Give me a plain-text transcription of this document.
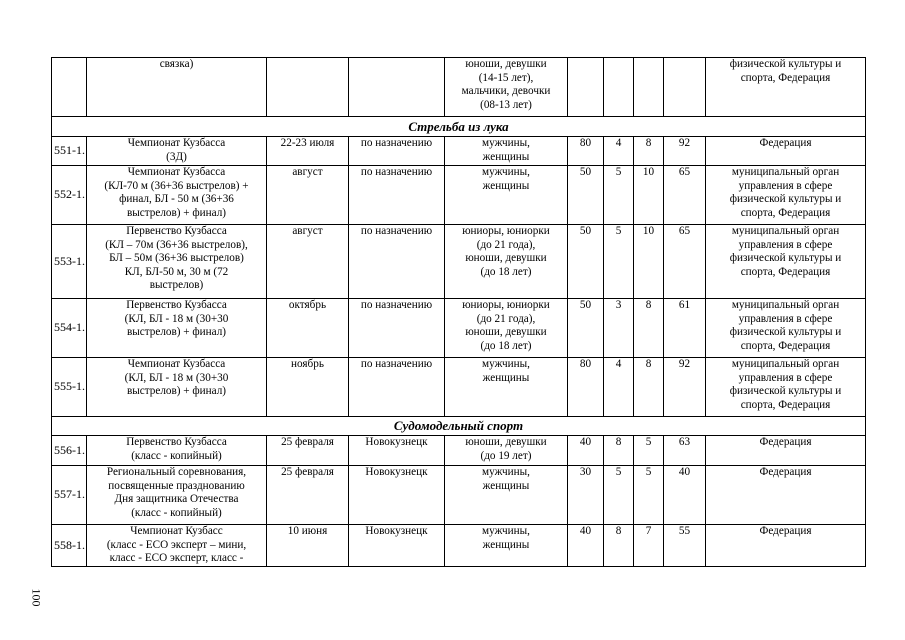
	связка)			юноши, девушки
(14-15 лет),
мальчики, девочки
(08-13 лет)					физической культуры и
спорта, Федерация
Стрельба из лука									
551-1.	Чемпионат Кузбасса
(3Д)	22-23 июля	по назначению	мужчины,
женщины	80	4	8	92	Федерация
552-1.	Чемпионат Кузбасса
(КЛ-70 м (36+36 выстрелов) +
финал, БЛ - 50 м (36+36
выстрелов) + финал)	август	по назначению	мужчины,
женщины	50	5	10	65	муниципальный орган
управления в сфере
физической культуры и
спорта, Федерация
553-1.	Первенство Кузбасса
(КЛ – 70м (36+36 выстрелов),
БЛ – 50м (36+36 выстрелов)
КЛ, БЛ-50 м, 30 м (72
выстрелов)	август	по назначению	юниоры, юниорки
(до 21 года),
юноши, девушки
(до 18 лет)	50	5	10	65	муниципальный орган
управления в сфере
физической культуры и
спорта, Федерация
554-1.	Первенство Кузбасса
(КЛ, БЛ - 18 м (30+30
выстрелов) + финал)	октябрь	по назначению	юниоры, юниорки
(до 21 года),
юноши, девушки
(до 18 лет)	50	3	8	61	муниципальный орган
управления в сфере
физической культуры и
спорта, Федерация
555-1.	Чемпионат Кузбасса
(КЛ, БЛ - 18 м (30+30
выстрелов) + финал)	ноябрь	по назначению	мужчины,
женщины	80	4	8	92	муниципальный орган
управления в сфере
физической культуры и
спорта, Федерация
Судомодельный спорт									
556-1.	Первенство Кузбасса
(класс - копийный)	25 февраля	Новокузнецк	юноши, девушки
(до 19 лет)	40	8	5	63	Федерация
557-1.	Региональный соревнования,
посвященные празднованию
Дня защитника Отечества
(класс - копийный)	25 февраля	Новокузнецк	мужчины,
женщины	30	5	5	40	Федерация
558-1.	Чемпионат Кузбасс
(класс - ЕСО эксперт – мини,
класс - ЕСО эксперт, класс -	10 июня	Новокузнецк	мужчины,
женщины	40	8	7	55	Федерация
100
